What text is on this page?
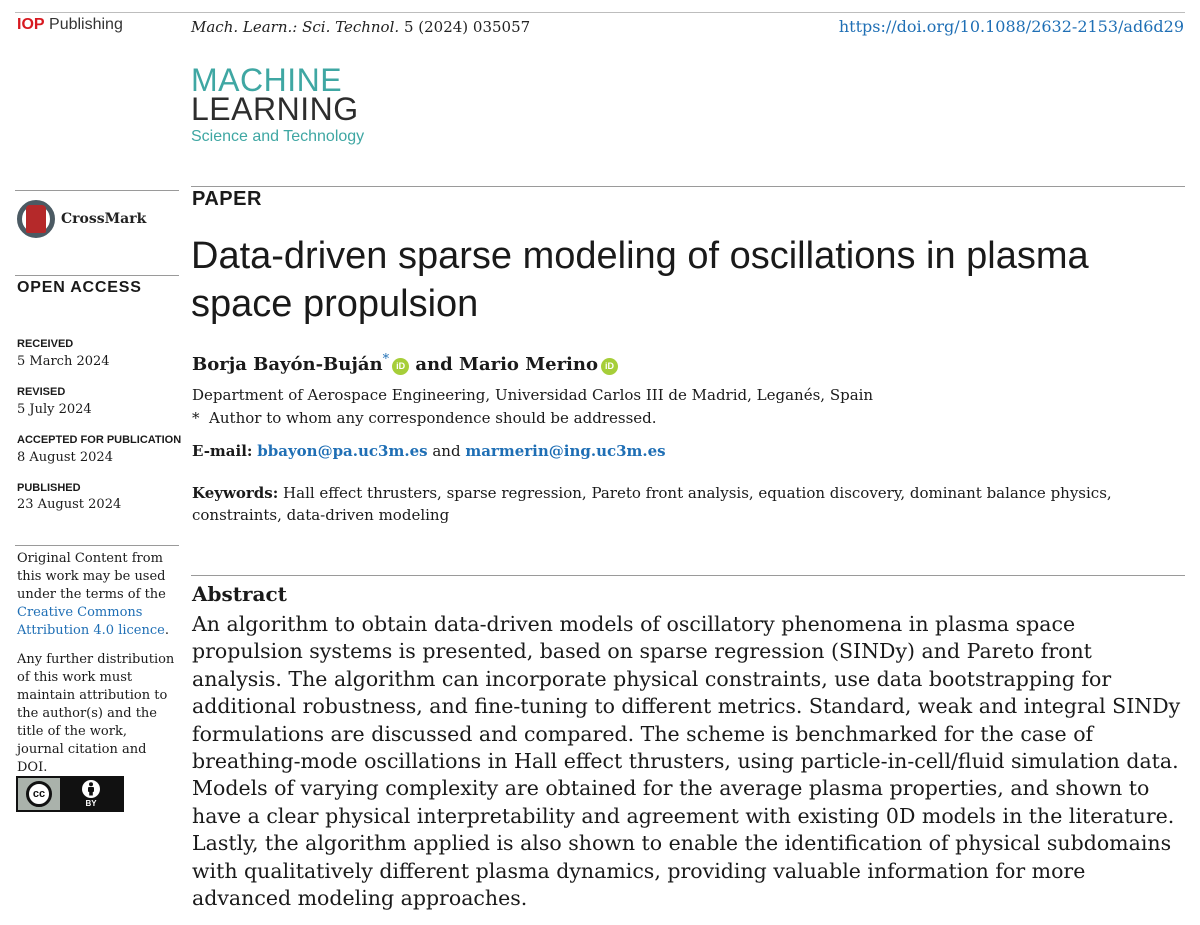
IOP Publishing	Mach. Learn.: Sci. Technol. 5 (2024) 035057	https://doi.org/10.1088/2632-2153/ad6d29
MACHINE
LEARNING
Science and Technology
CrossMark
OPEN ACCESS
RECEIVED
5 March 2024
REVISED
5 July 2024
ACCEPTED FOR PUBLICATION
8 August 2024
PUBLISHED
23 August 2024
Original Content from this work may be used under the terms of the Creative Commons Attribution 4.0 licence.
Any further distribution of this work must maintain attribution to the author(s) and the title of the work, journal citation and DOI.
cc
BY
PAPER
Data-driven sparse modeling of oscillations in plasma space propulsion
Borja Bayón-Buján* iD and Mario Merino iD
Department of Aerospace Engineering, Universidad Carlos III de Madrid, Leganés, Spain
* Author to whom any correspondence should be addressed.
E-mail: bbayon@pa.uc3m.es and marmerin@ing.uc3m.es
Keywords: Hall effect thrusters, sparse regression, Pareto front analysis, equation discovery, dominant balance physics, constraints, data-driven modeling
Abstract
An algorithm to obtain data-driven models of oscillatory phenomena in plasma space propulsion systems is presented, based on sparse regression (SINDy) and Pareto front analysis. The algorithm can incorporate physical constraints, use data bootstrapping for additional robustness, and fine-tuning to different metrics. Standard, weak and integral SINDy formulations are discussed and compared. The scheme is benchmarked for the case of breathing-mode oscillations in Hall effect thrusters, using particle-in-cell/fluid simulation data. Models of varying complexity are obtained for the average plasma properties, and shown to have a clear physical interpretability and agreement with existing 0D models in the literature. Lastly, the algorithm applied is also shown to enable the identification of physical subdomains with qualitatively different plasma dynamics, providing valuable information for more advanced modeling approaches.
